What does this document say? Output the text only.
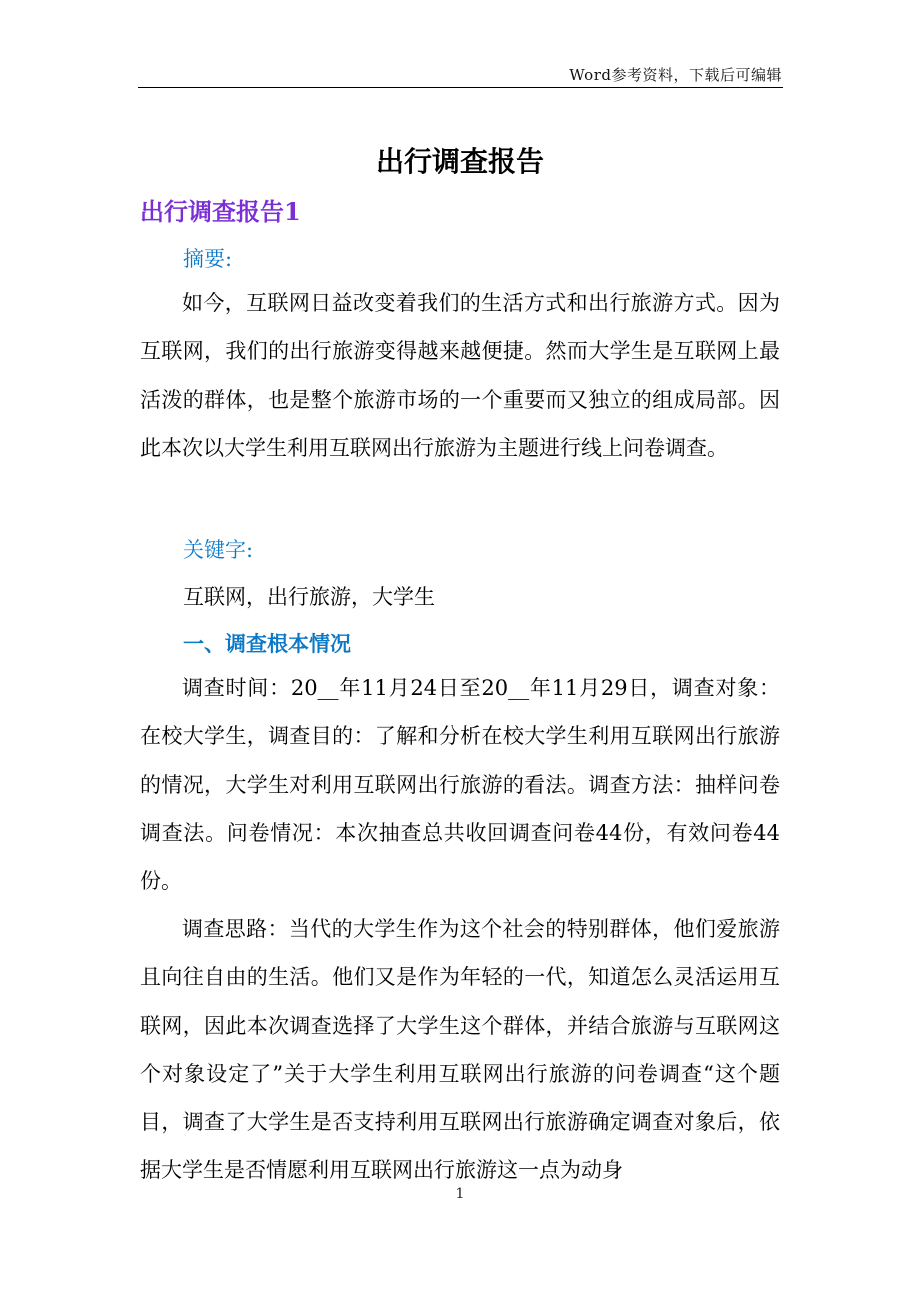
Word参考资料，下载后可编辑
出行调查报告
出行调查报告1
摘要:

如今，互联网日益改变着我们的生活方式和出行旅游方式。因为互联网，我们的出行旅游变得越来越便捷。然而大学生是互联网上最活泼的群体，也是整个旅游市场的一个重要而又独立的组成局部。因此本次以大学生利用互联网出行旅游为主题进行线上问卷调查。

关键字:
互联网，出行旅游，大学生
一、调查根本情况

调查时间：20__年11月24日至20__年11月29日，调查对象：在校大学生，调查目的：了解和分析在校大学生利用互联网出行旅游的情况，大学生对利用互联网出行旅游的看法。调查方法：抽样问卷调查法。问卷情况：本次抽查总共收回调查问卷44份，有效问卷44份。

调查思路：当代的大学生作为这个社会的特别群体，他们爱旅游且向往自由的生活。他们又是作为年轻的一代，知道怎么灵活运用互联网，因此本次调查选择了大学生这个群体，并结合旅游与互联网这个对象设定了”关于大学生利用互联网出行旅游的问卷调查“这个题目，调查了大学生是否支持利用互联网出行旅游确定调查对象后，依据大学生是否情愿利用互联网出行旅游这一点为动身

1
